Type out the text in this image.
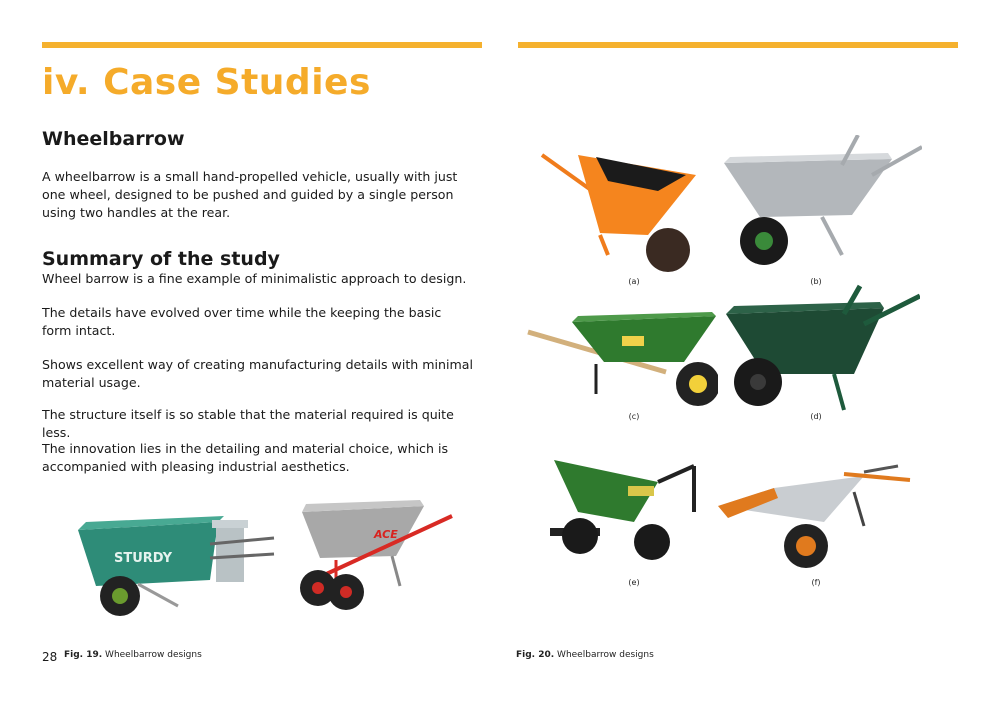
iv. Case Studies
Wheelbarrow

A wheelbarrow is a small hand-propelled vehicle, usually with just one wheel, designed to be pushed and guided by a single person using two handles at the rear.

Summary of the study

Wheel barrow is a fine example of minimalistic approach to design.

The details have evolved over time while the keeping the basic form intact.

Shows excellent way of creating manufacturing details with minimal material usage.

The structure itself is so stable that the material required is quite less.

The innovation lies in the detailing and material choice, which is accompanied with pleasing industrial aesthetics.

STURDY
ACE
Fig. 19. Wheelbarrow designs
28
(a)	(b)
(c)	(d)
(e)	(f)
Fig. 20. Wheelbarrow designs
